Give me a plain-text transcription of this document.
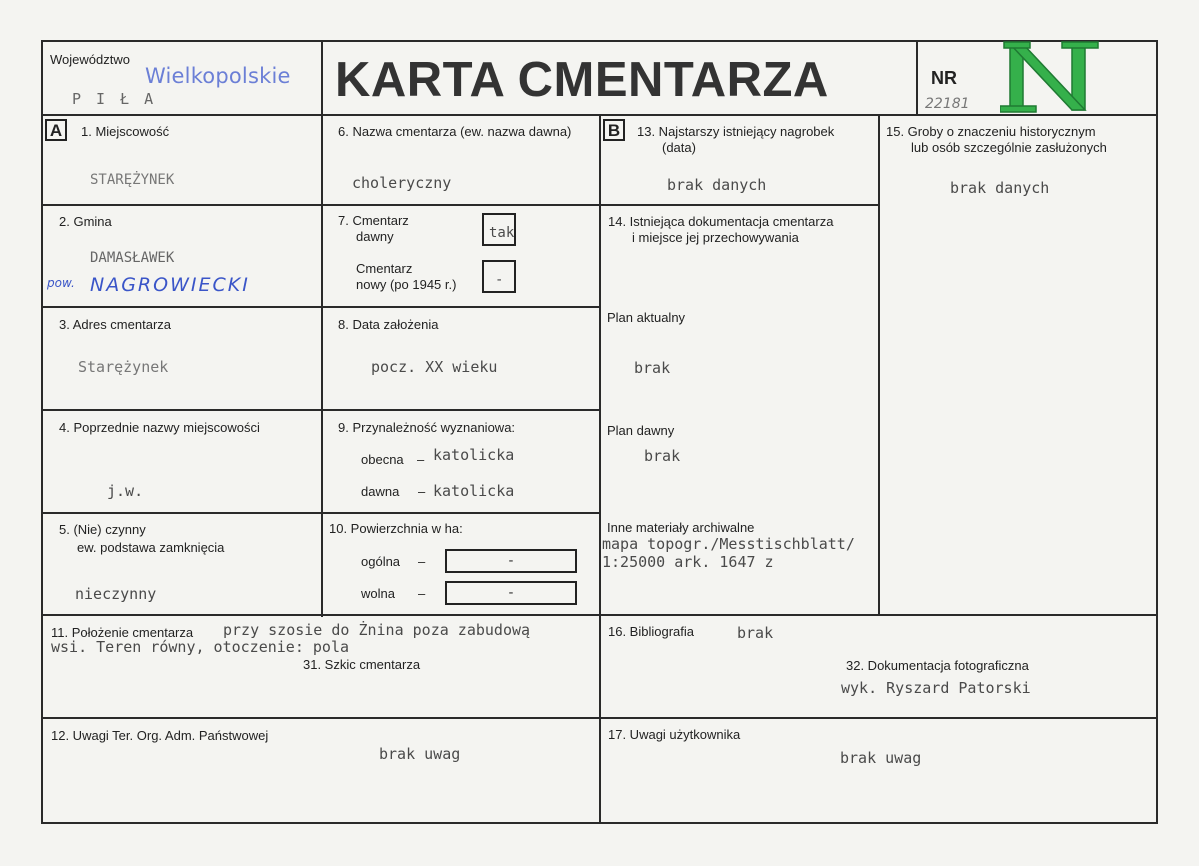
Województwo
Wielkopolskie
P I Ł A	KARTA CMENTARZA	NR
22181
A	1. Miejscowość
STARĘŻYNEK
6. Nazwa cmentarza (ew. nazwa dawna)
choleryczny
B	13. Najstarszy istniejący nagrobek
(data)
brak danych
15. Groby o znaczeniu historycznym
lub osób szczególnie zasłużonych
brak danych
2. Gmina
DAMASŁAWEK
pow. NAGROWIECKI
7. Cmentarz
dawny	tak
Cmentarz
nowy (po 1945 r.)	-
14. Istniejąca dokumentacja cmentarza
i miejsce jej przechowywania
Plan aktualny
brak
Plan dawny
brak
Inne materiały archiwalne
mapa topogr./Messtischblatt/
1:25000 ark. 1647 z
3. Adres cmentarza
Starężynek
8. Data założenia
pocz. XX wieku
4. Poprzednie nazwy miejscowości
j.w.
9. Przynależność wyznaniowa:
obecna – katolicka
dawna – katolicka
5. (Nie) czynny
ew. podstawa zamknięcia
nieczynny
10. Powierzchnia w ha:
ogólna –	-
wolna –	-
11. Położenie cmentarza przy szosie do Żnina poza zabudową
wsi. Teren równy, otoczenie: pola
31. Szkic cmentarza
16. Bibliografia	brak
32. Dokumentacja fotograficzna
wyk. Ryszard Patorski
12. Uwagi Ter. Org. Adm. Państwowej
brak uwag
17. Uwagi użytkownika
brak uwag
